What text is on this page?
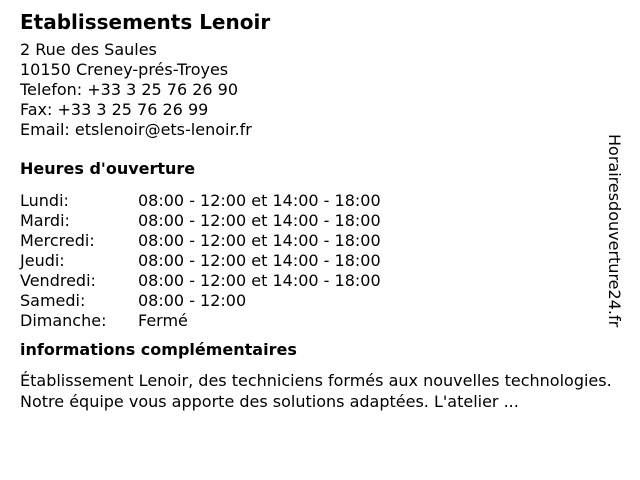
Etablissements Lenoir
2 Rue des Saules
10150 Creney-prés-Troyes
Telefon: +33 3 25 76 26 90
Fax: +33 3 25 76 26 99
Email: etslenoir@ets-lenoir.fr
Heures d'ouverture
Lundi:	08:00 - 12:00 et 14:00 - 18:00
Mardi:	08:00 - 12:00 et 14:00 - 18:00
Mercredi:	08:00 - 12:00 et 14:00 - 18:00
Jeudi:	08:00 - 12:00 et 14:00 - 18:00
Vendredi:	08:00 - 12:00 et 14:00 - 18:00
Samedi:	08:00 - 12:00
Dimanche:	Fermé
informations complémentaires

Établissement Lenoir, des techniciens formés aux nouvelles technologies. Notre équipe vous apporte des solutions adaptées. L'atelier ...

Horairesdouverture24.fr
